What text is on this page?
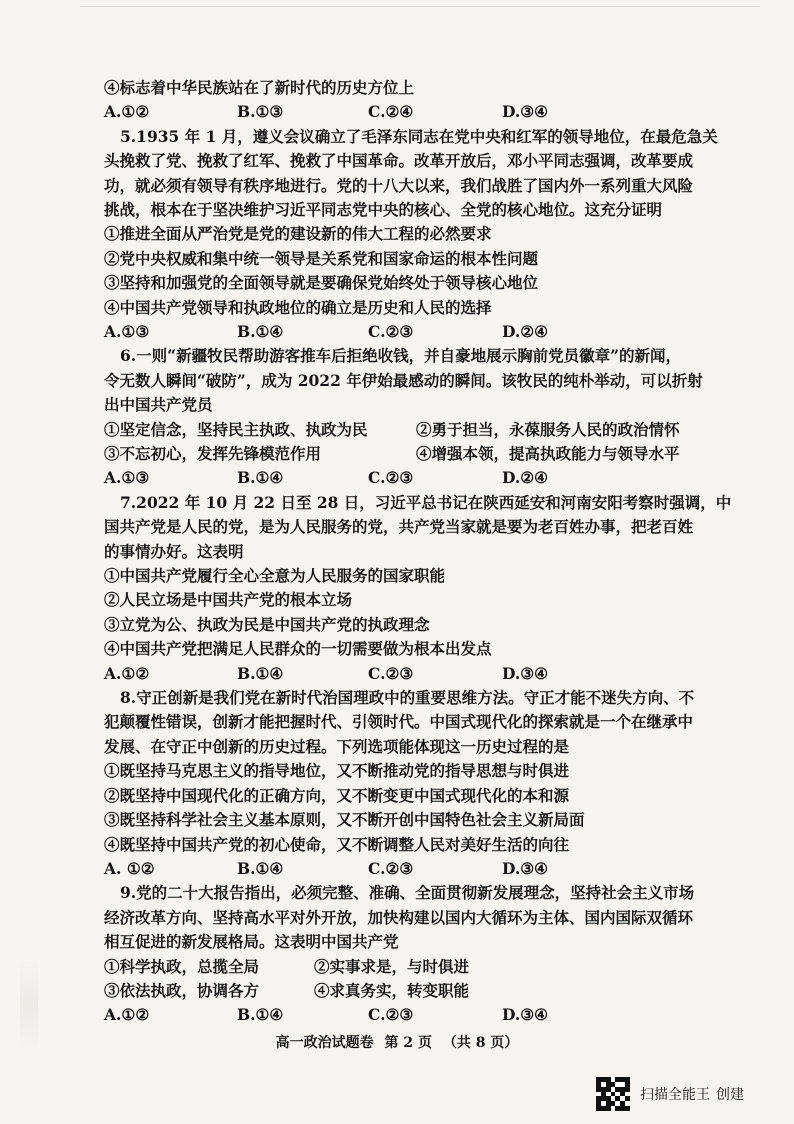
④标志着中华民族站在了新时代的历史方位上
A.①②	B.①③	C.②④	D.③④
5.1935 年 1 月，遵义会议确立了毛泽东同志在党中央和红军的领导地位，在最危急关
头挽救了党、挽救了红军、挽救了中国革命。改革开放后，邓小平同志强调，改革要成
功，就必须有领导有秩序地进行。党的十八大以来，我们战胜了国内外一系列重大风险
挑战，根本在于坚决维护习近平同志党中央的核心、全党的核心地位。这充分证明
①推进全面从严治党是党的建设新的伟大工程的必然要求
②党中央权威和集中统一领导是关系党和国家命运的根本性问题
③坚持和加强党的全面领导就是要确保党始终处于领导核心地位
④中国共产党领导和执政地位的确立是历史和人民的选择
A.①③	B.①④	C.②③	D.②④
6.一则“新疆牧民帮助游客推车后拒绝收钱，并自豪地展示胸前党员徽章”的新闻，
令无数人瞬间“破防”，成为 2022 年伊始最感动的瞬间。该牧民的纯朴举动，可以折射
出中国共产党员
①坚定信念，坚持民主执政、执政为民	②勇于担当，永葆服务人民的政治情怀
③不忘初心，发挥先锋模范作用	④增强本领，提高执政能力与领导水平
A.①③	B.①④	C.②③	D.②④
7.2022 年 10 月 22 日至 28 日，习近平总书记在陕西延安和河南安阳考察时强调，中
国共产党是人民的党，是为人民服务的党，共产党当家就是要为老百姓办事，把老百姓
的事情办好。这表明
①中国共产党履行全心全意为人民服务的国家职能
②人民立场是中国共产党的根本立场
③立党为公、执政为民是中国共产党的执政理念
④中国共产党把满足人民群众的一切需要做为根本出发点
A.①②	B.①④	C.②③	D.③④
8.守正创新是我们党在新时代治国理政中的重要思维方法。守正才能不迷失方向、不
犯颠覆性错误，创新才能把握时代、引领时代。中国式现代化的探索就是一个在继承中
发展、在守正中创新的历史过程。下列选项能体现这一历史过程的是
①既坚持马克思主义的指导地位，又不断推动党的指导思想与时俱进
②既坚持中国现代化的正确方向，又不断变更中国式现代化的本和源
③既坚持科学社会主义基本原则，又不断开创中国特色社会主义新局面
④既坚持中国共产党的初心使命，又不断调整人民对美好生活的向往
A. ①②	B.①④	C.②③	D.③④
9.党的二十大报告指出，必须完整、准确、全面贯彻新发展理念，坚持社会主义市场
经济改革方向、坚持高水平对外开放，加快构建以国内大循环为主体、国内国际双循环
相互促进的新发展格局。这表明中国共产党
①科学执政，总揽全局	②实事求是，与时俱进
③依法执政，协调各方	④求真务实，转变职能
A.①②	B.①④	C.②③	D.③④
高一政治试题卷 第 2 页 （共 8 页）
扫描全能王 创建
